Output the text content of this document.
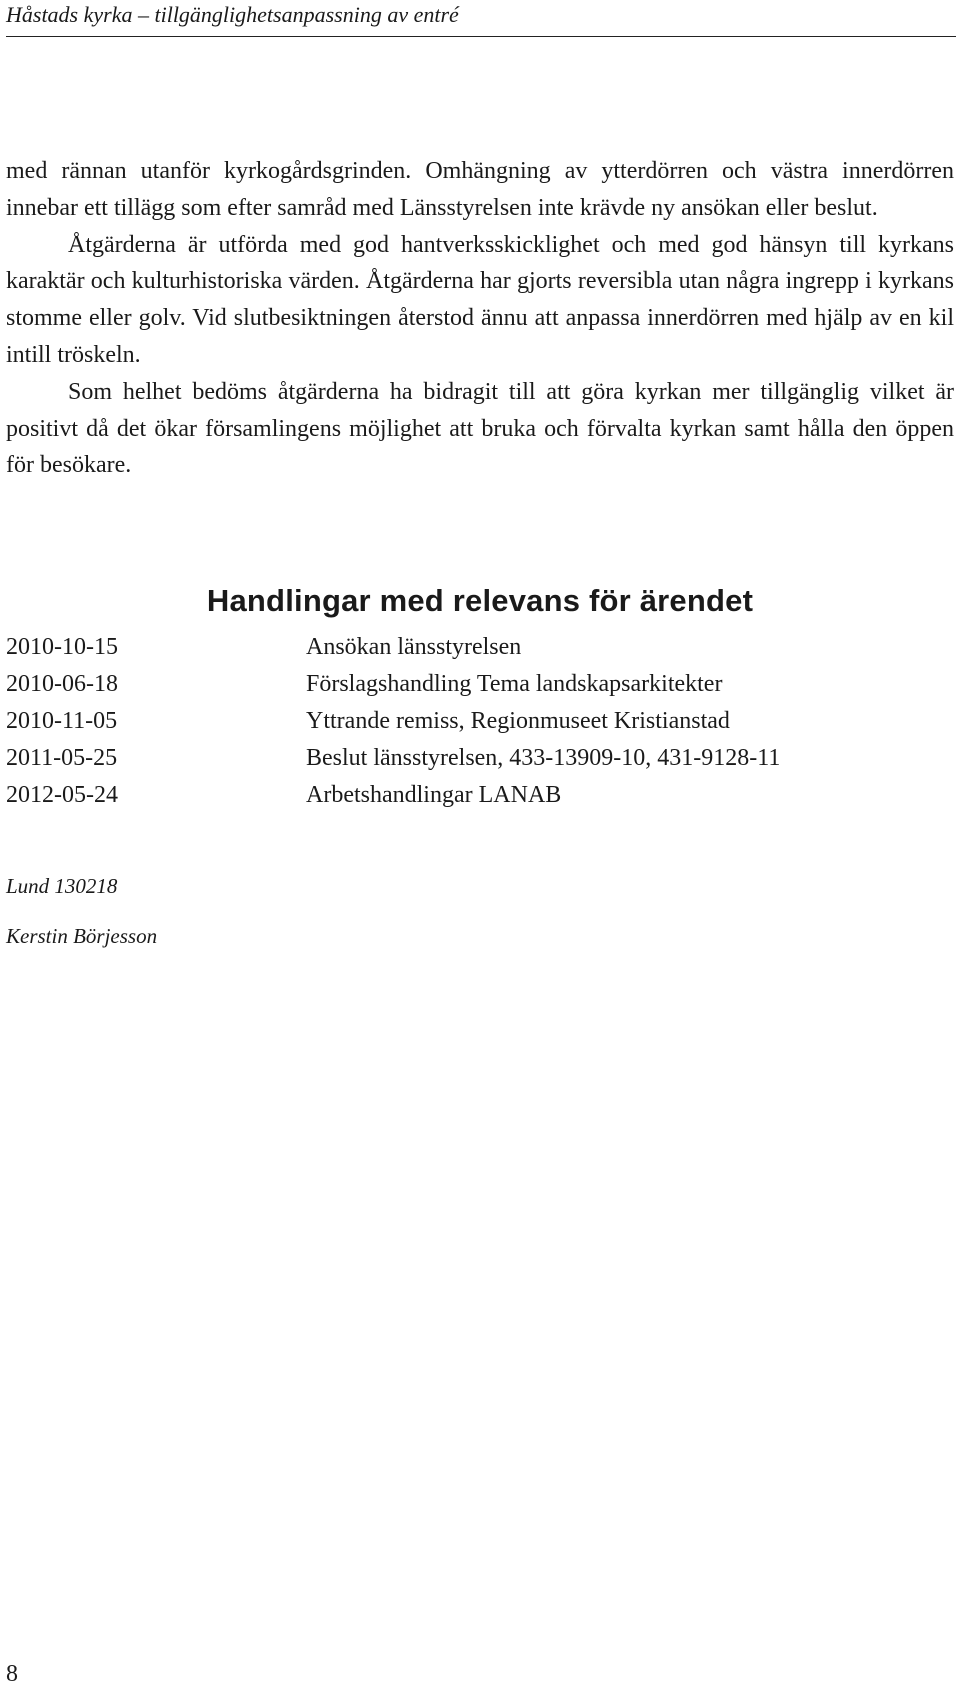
Håstads kyrka – tillgänglighetsanpassning av entré

med rännan utanför kyrkogårdsgrinden. Omhängning av ytterdörren och västra innerdörren innebar ett tillägg som efter samråd med Länsstyrelsen inte krävde ny ansökan eller beslut.

Åtgärderna är utförda med god hantverksskicklighet och med god hänsyn till kyrkans karaktär och kulturhistoriska värden. Åtgärderna har gjorts reversibla utan några ingrepp i kyrkans stomme eller golv. Vid slutbesiktningen återstod ännu att anpassa innerdörren med hjälp av en kil intill tröskeln.

Som helhet bedöms åtgärderna ha bidragit till att göra kyrkan mer tillgänglig vilket är positivt då det ökar församlingens möjlighet att bruka och förvalta kyrkan samt hålla den öppen för besökare.

Handlingar med relevans för ärendet
2010-10-15	Ansökan länsstyrelsen
2010-06-18	Förslagshandling Tema landskapsarkitekter
2010-11-05	Yttrande remiss, Regionmuseet Kristianstad
2011-05-25	Beslut länsstyrelsen, 433-13909-10, 431-9128-11
2012-05-24	Arbetshandlingar LANAB
Lund 130218
Kerstin Börjesson
8
